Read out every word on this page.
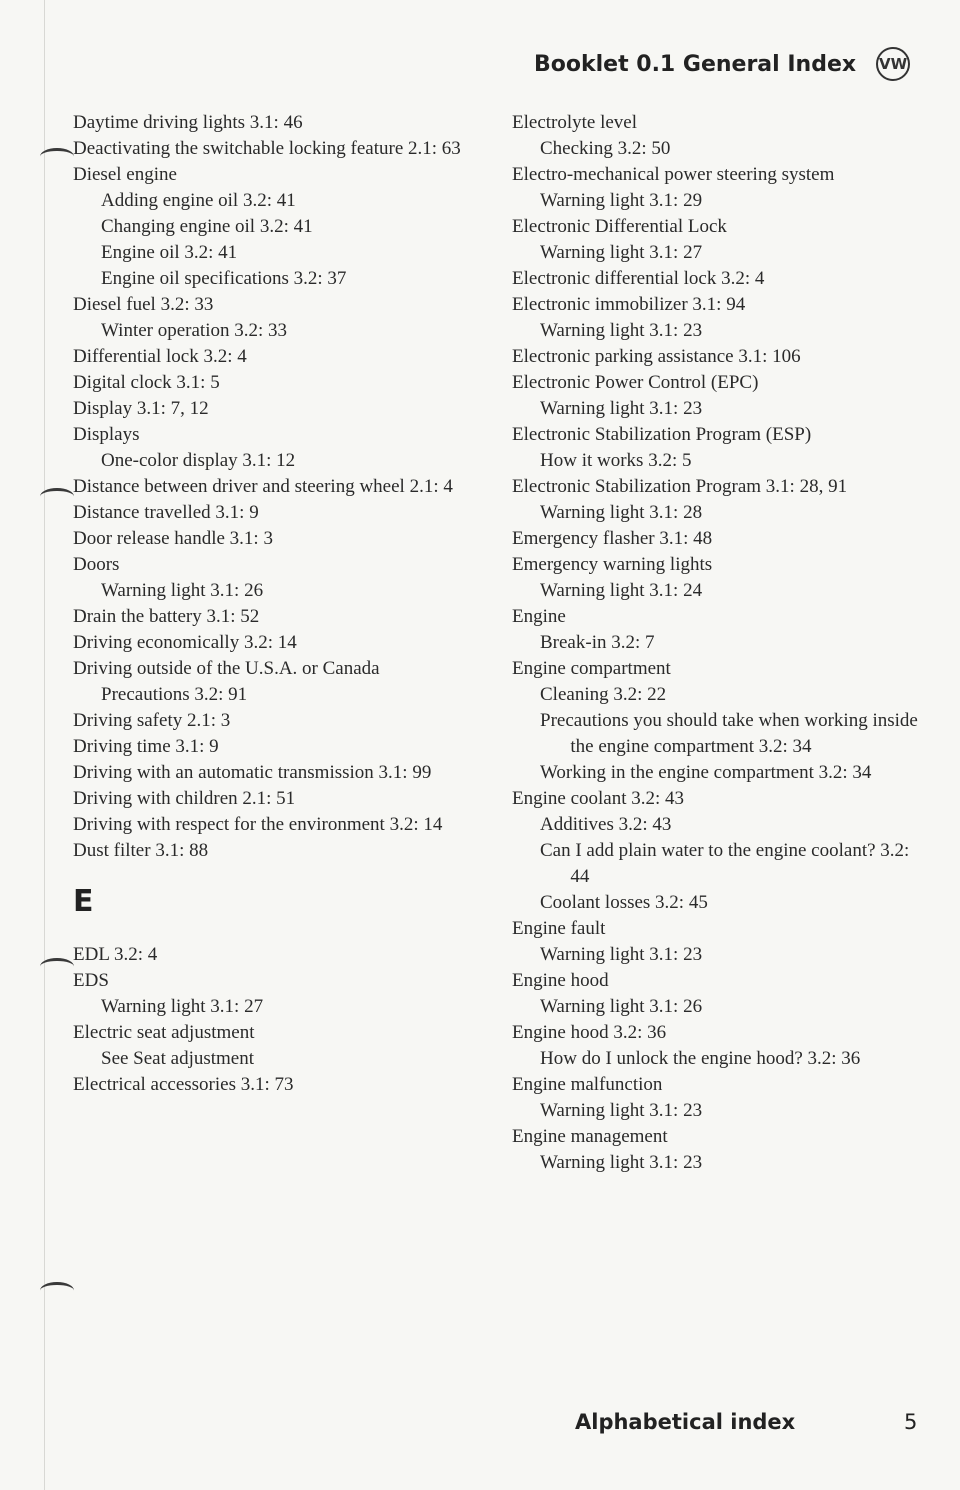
Booklet 0.1 General Index VW
Daytime driving lights 3.1: 46
Deactivating the switchable locking feature 2.1: 63
Diesel engine
Adding engine oil 3.2: 41
Changing engine oil 3.2: 41
Engine oil 3.2: 41
Engine oil specifications 3.2: 37
Diesel fuel 3.2: 33
Winter operation 3.2: 33
Differential lock 3.2: 4
Digital clock 3.1: 5
Display 3.1: 7, 12
Displays
One-color display 3.1: 12
Distance between driver and steering wheel 2.1: 4
Distance travelled 3.1: 9
Door release handle 3.1: 3
Doors
Warning light 3.1: 26
Drain the battery 3.1: 52
Driving economically 3.2: 14
Driving outside of the U.S.A. or Canada
Precautions 3.2: 91
Driving safety 2.1: 3
Driving time 3.1: 9
Driving with an automatic transmission 3.1: 99
Driving with children 2.1: 51
Driving with respect for the environment 3.2: 14
Dust filter 3.1: 88
E
EDL 3.2: 4
EDS
Warning light 3.1: 27
Electric seat adjustment
See Seat adjustment
Electrical accessories 3.1: 73
Electrolyte level
Checking 3.2: 50
Electro-mechanical power steering system
Warning light 3.1: 29
Electronic Differential Lock
Warning light 3.1: 27
Electronic differential lock 3.2: 4
Electronic immobilizer 3.1: 94
Warning light 3.1: 23
Electronic parking assistance 3.1: 106
Electronic Power Control (EPC)
Warning light 3.1: 23
Electronic Stabilization Program (ESP)
How it works 3.2: 5
Electronic Stabilization Program 3.1: 28, 91
Warning light 3.1: 28
Emergency flasher 3.1: 48
Emergency warning lights
Warning light 3.1: 24
Engine
Break-in 3.2: 7
Engine compartment
Cleaning 3.2: 22
Precautions you should take when working inside the engine compartment 3.2: 34
Working in the engine compartment 3.2: 34
Engine coolant 3.2: 43
Additives 3.2: 43
Can I add plain water to the engine coolant? 3.2: 44
Coolant losses 3.2: 45
Engine fault
Warning light 3.1: 23
Engine hood
Warning light 3.1: 26
Engine hood 3.2: 36
How do I unlock the engine hood? 3.2: 36
Engine malfunction
Warning light 3.1: 23
Engine management
Warning light 3.1: 23
Alphabetical index	5
